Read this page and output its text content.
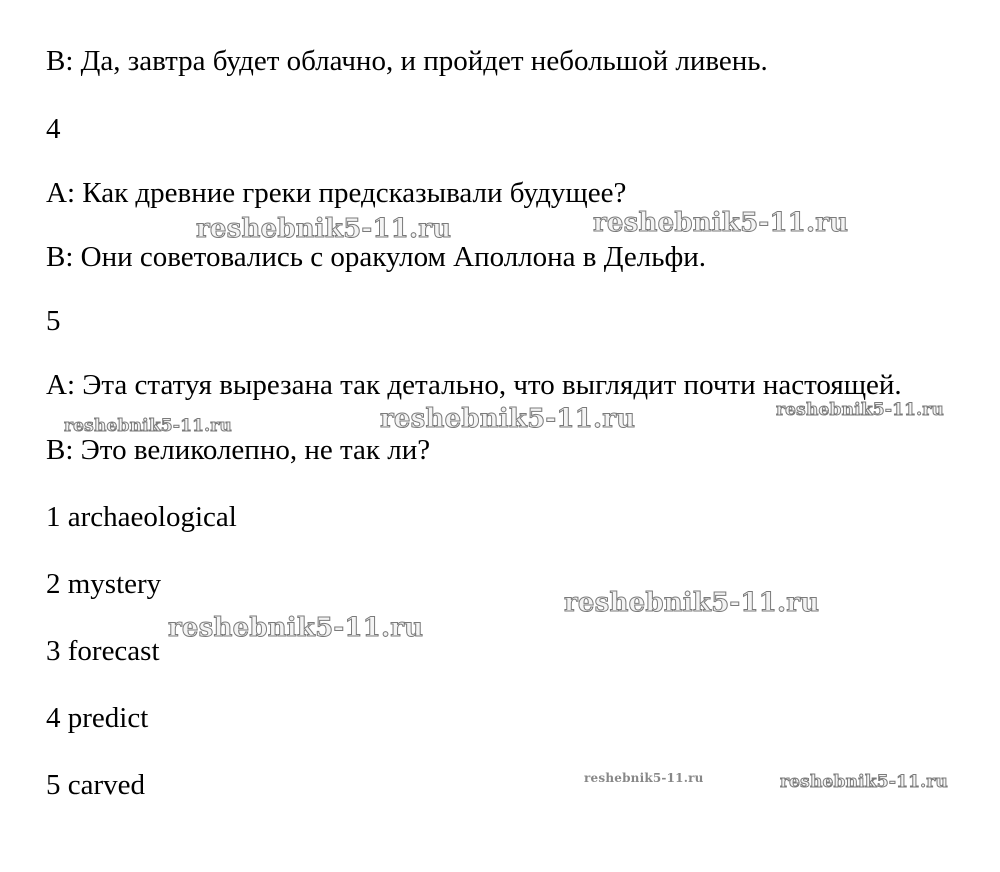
В: Да, завтра будет облачно, и пройдет небольшой ливень.
4
А: Как древние греки предсказывали будущее?
В: Они советовались с оракулом Аполлона в Дельфи.
5
А: Эта статуя вырезана так детально, что выглядит почти настоящей.
В: Это великолепно, не так ли?
1 archaeological
2 mystery
3 forecast
4 predict
5 carved
reshebnik5-11.ru	reshebnik5-11.ru
reshebnik5-11.ru	reshebnik5-11.ru	reshebnik5-11.ru
reshebnik5-11.ru
reshebnik5-11.ru
reshebnik5-11.ru	reshebnik5-11.ru
